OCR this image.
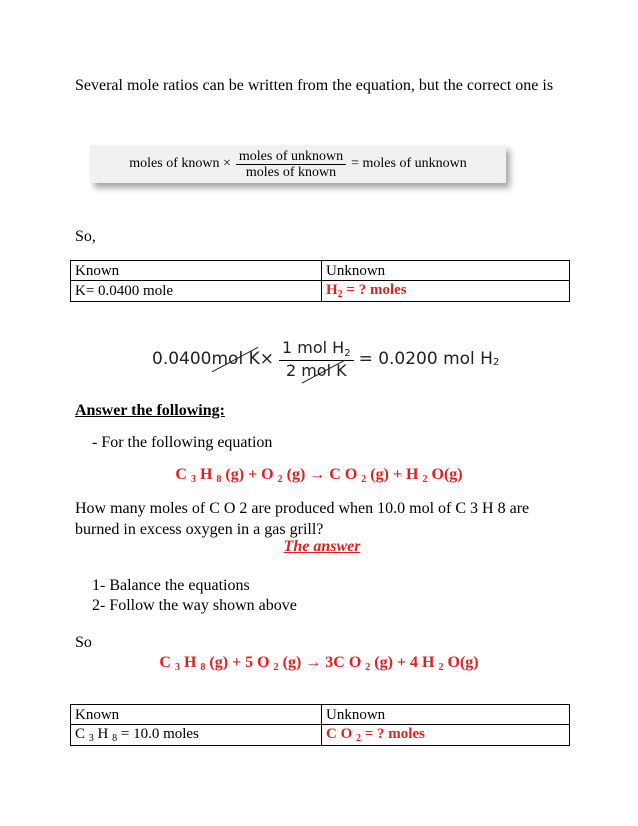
Several mole ratios can be written from the equation, but the correct one is
moles of known × $\frac{\text{moles of unknown}}{\text{moles of known}}$ = moles of unknown
So,
Known	Unknown
K= 0.0400 mole	$H_2$ = ? moles
0.0400 mol $K \times \frac{1 mol H_2}{\text{2 mol K}} = 0.0200$ mol $H_2$
Answer the following:
- For the following equation
C $_3$ H $_8$ (g) + O $_2$ (g) → C O $_2$ (g) + H $_2$ O(g)
How many moles of C O 2 are produced when 10.0 mol of C 3 H 8 are burned in excess oxygen in a gas grill?
The answer
1- Balance the equations
2- Follow the way shown above
So
C $_3$ H $_8$ (g) + 5 O $_2$ (g) → 3C O $_2$ (g) + 4 H $_2$ O(g)
Known	Unknown
C $_3$ H $_8$ = 10.0 moles	C O $_2$ = ? moles
